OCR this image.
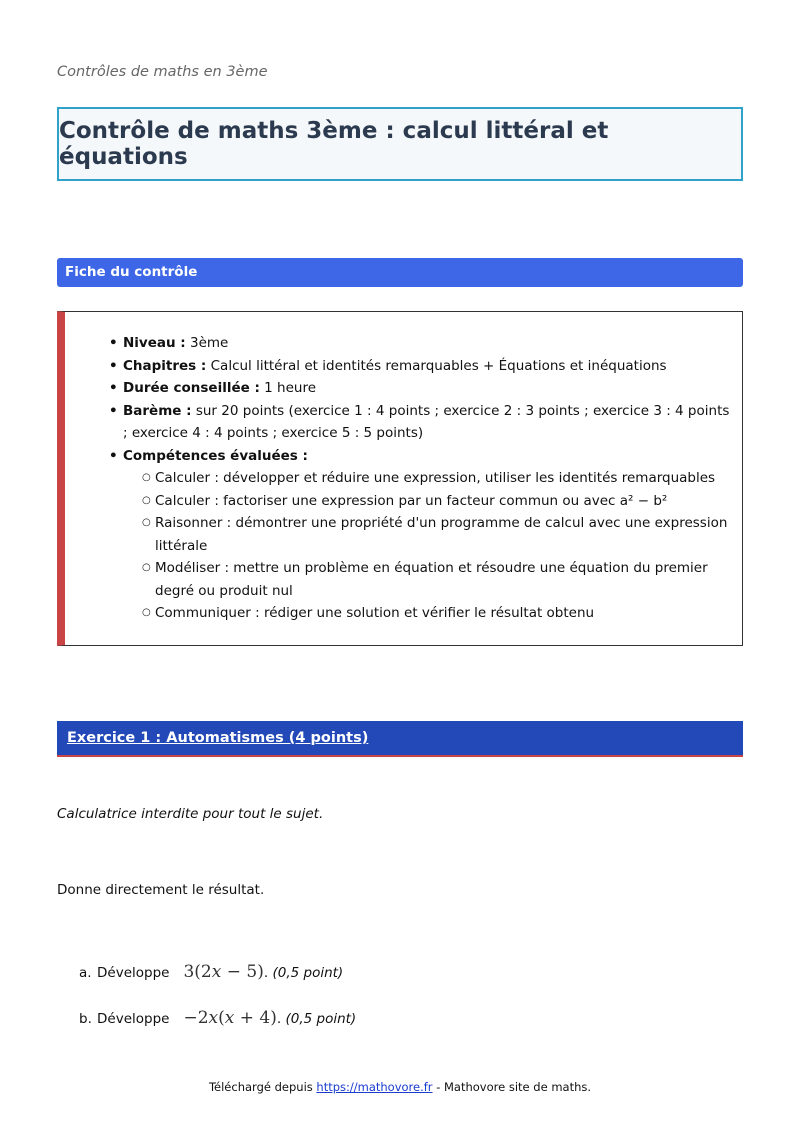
Contrôles de maths en 3ème
Contrôle de maths 3ème : calcul littéral et équations
Fiche du contrôle
• Niveau : 3ème
• Chapitres : Calcul littéral et identités remarquables + Équations et inéquations
• Durée conseillée : 1 heure
• Barème : sur 20 points (exercice 1 : 4 points ; exercice 2 : 3 points ; exercice 3 : 4 points ; exercice 4 : 4 points ; exercice 5 : 5 points)
• Compétences évaluées :
○ Calculer : développer et réduire une expression, utiliser les identités remarquables
○ Calculer : factoriser une expression par un facteur commun ou avec a² − b²
○ Raisonner : démontrer une propriété d'un programme de calcul avec une expression littérale
○ Modéliser : mettre un problème en équation et résoudre une équation du premier degré ou produit nul
○ Communiquer : rédiger une solution et vérifier le résultat obtenu
Exercice 1 : Automatismes (4 points)
Calculatrice interdite pour tout le sujet.
Donne directement le résultat.
a. Développe 3(2x − 5) . (0,5 point)
b. Développe −2x(x + 4) . (0,5 point)
Téléchargé depuis https://mathovore.fr - Mathovore site de maths.
